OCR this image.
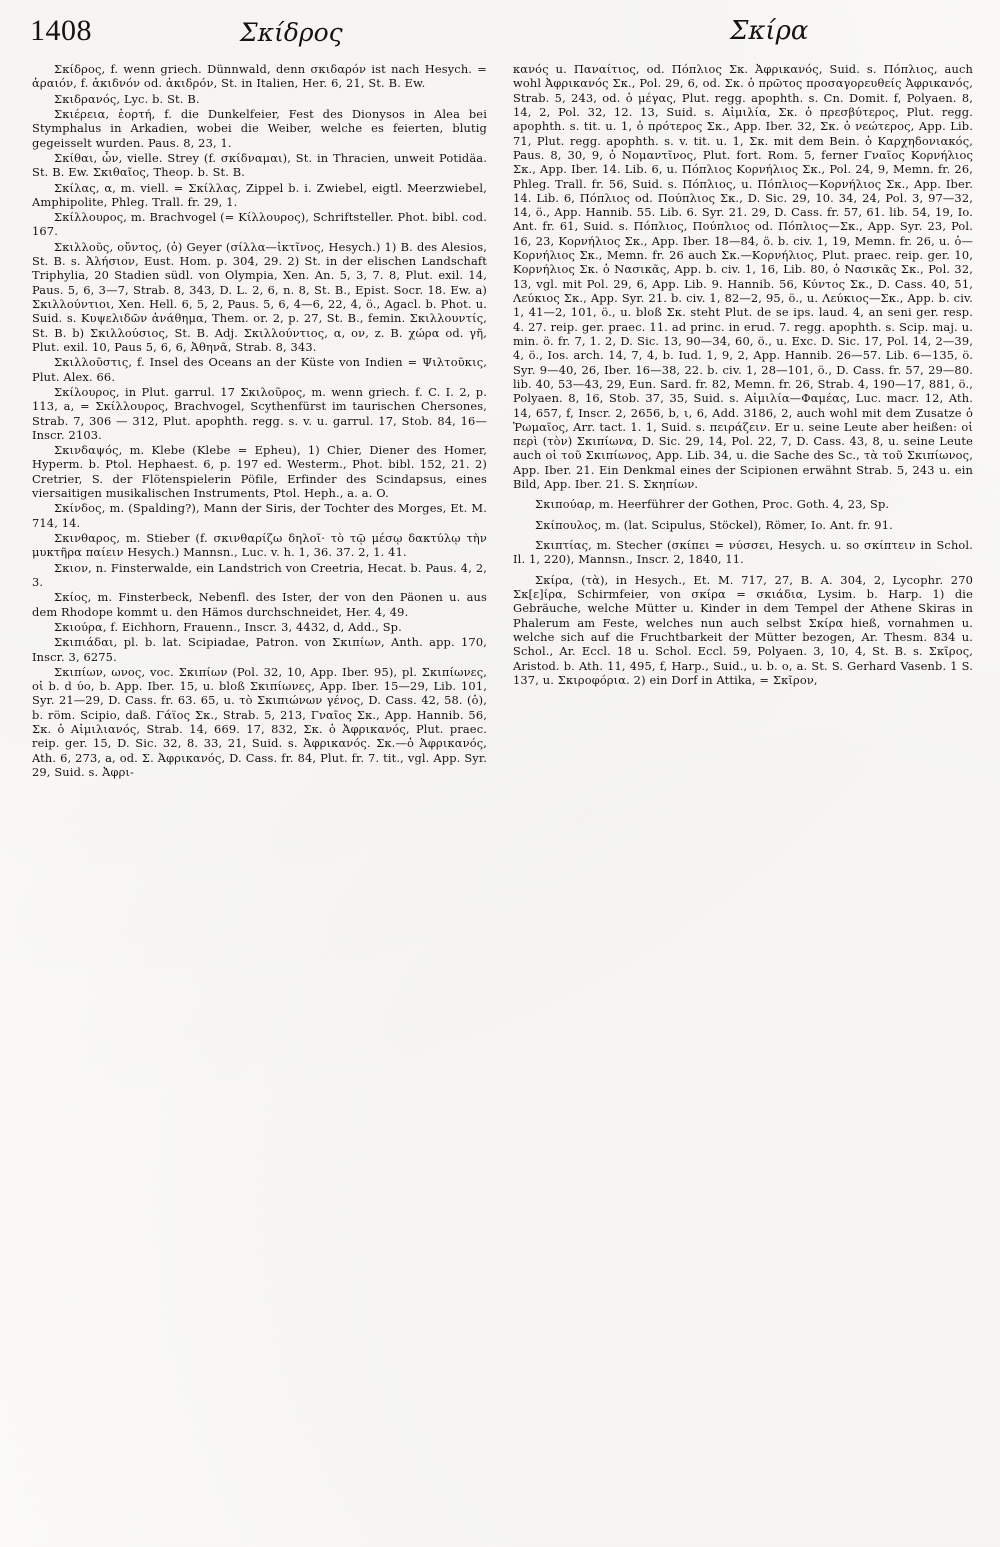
1408	Σκίδρος	Σκίρα

Σκίδρος, f. wenn griech. Dünnwald, denn σκιδαρόν ist nach Hesych. = ἀραιόν, f. ἀκιδνόν od. ἀκιδρόν, St. in Italien, Her. 6, 21, St. B. Ew.

Σκιδρανός, Lyc. b. St. B.

Σκιέρεια, ἑορτή, f. die Dunkelfeier, Fest des Dionysos in Alea bei Stymphalus in Arkadien, wobei die Weiber, welche es feierten, blutig gegeisselt wurden. Paus. 8, 23, 1.

Σκίθαι, ὦν, vielle. Strey (f. σκίδναμαι), St. in Thracien, unweit Potidäa. St. B. Ew. Σκιθαῖος, Theop. b. St. B.

Σκίλας, α, m. viell. = Σκίλλας, Zippel b. i. Zwiebel, eigtl. Meerzwiebel, Amphipolite, Phleg. Trall. fr. 29, 1.

Σκίλλουρος, m. Brachvogel (= Κίλλουρος), Schriftsteller. Phot. bibl. cod. 167.

Σκιλλοῦς, οὔντος, (ὁ) Geyer (σίλλα—ἰκτῖνος, Hesych.) 1) B. des Alesios, St. B. s. Ἀλήσιον, Eust. Hom. p. 304, 29. 2) St. in der elischen Landschaft Triphylia, 20 Stadien südl. von Olympia, Xen. An. 5, 3, 7. 8, Plut. exil. 14, Paus. 5, 6, 3—7, Strab. 8, 343, D. L. 2, 6, n. 8, St. B., Epist. Socr. 18. Ew. a) Σκιλλούντιοι, Xen. Hell. 6, 5, 2, Paus. 5, 6, 4—6, 22, 4, ö., Agacl. b. Phot. u. Suid. s. Κυψελιδῶν ἀνάθημα, Them. or. 2, p. 27, St. B., femin. Σκιλλουντίς, St. B. b) Σκιλλούσιος, St. B. Adj. Σκιλλούντιος, α, ον, z. B. χώρα od. γῆ, Plut. exil. 10, Paus 5, 6, 6, Ἀθηνᾶ, Strab. 8, 343.

Σκιλλοῦστις, f. Insel des Oceans an der Küste von Indien = Ψιλτοῦκις, Plut. Alex. 66.

Σκίλουρος, in Plut. garrul. 17 Σκιλοῦρος, m. wenn griech. f. C. I. 2, p. 113, a, = Σκίλλουρος, Brachvogel, Scythenfürst im taurischen Chersones, Strab. 7, 306 — 312, Plut. apophth. regg. s. v. u. garrul. 17, Stob. 84, 16—Inscr. 2103.

Σκινδαψός, m. Klebe (Klebe = Epheu), 1) Chier, Diener des Homer, Hyperm. b. Ptol. Hephaest. 6, p. 197 ed. Westerm., Phot. bibl. 152, 21. 2) Cretrier, S. der Flötenspielerin Pöfile, Erfinder des Scindapsus, eines viersaitigen musikalischen Instruments, Ptol. Heph., a. a. O.

Σκίνδος, m. (Spalding?), Mann der Siris, der Tochter des Morges, Et. M. 714, 14.

Σκινθαρος, m. Stieber (f. σκινθαρίζω δηλοῖ· τὸ τῷ μέσῳ δακτύλῳ τὴν μυκτῆρα παίειν Hesych.) Mannsn., Luc. v. h. 1, 36. 37. 2, 1. 41.

Σκιον, n. Finsterwalde, ein Landstrich von Creetria, Hecat. b. Paus. 4, 2, 3.

Σκίος, m. Finsterbeck, Nebenfl. des Ister, der von den Päonen u. aus dem Rhodope kommt u. den Hämos durchschneidet, Her. 4, 49.

Σκιούρα, f. Eichhorn, Frauenn., Inscr. 3, 4432, d, Add., Sp.

Σκιπιάδαι, pl. b. lat. Scipiadae, Patron. von Σκιπίων, Anth. app. 170, Inscr. 3, 6275.

Σκιπίων, ωνος, voc. Σκιπίων (Pol. 32, 10, App. Iber. 95), pl. Σκιπίωνες, οἱ b. d ύο, b. App. Iber. 15, u. bloß Σκιπίωνες, App. Iber. 15—29, Lib. 101, Syr. 21—29, D. Cass. fr. 63. 65, u. τὸ Σκιπιώνων γένος, D. Cass. 42, 58. (ὁ), b. röm. Scipio, daß. Γάϊος Σκ., Strab. 5, 213, Γναῖος Σκ., App. Hannib. 56, Σκ. ὁ Αἰμιλιανός, Strab. 14, 669. 17, 832, Σκ. ὁ Ἀφρικανός, Plut. praec. reip. ger. 15, D. Sic. 32, 8. 33, 21, Suid. s. Ἀφρικανός. Σκ.—ὁ Ἀφρικανός, Ath. 6, 273, a, od. Σ. Ἀφρικανός, D. Cass. fr. 84, Plut. fr. 7. tit., vgl. App. Syr. 29, Suid. s. Ἀφρι-

κανός u. Παναίτιος, od. Πόπλιος Σκ. Ἀφρικανός, Suid. s. Πόπλιος, auch wohl Ἀφρικανός Σκ., Pol. 29, 6, od. Σκ. ὁ πρῶτος προσαγορευθείς Ἀφρικανός, Strab. 5, 243, od. ὁ μέγας, Plut. regg. apophth. s. Cn. Domit. f, Polyaen. 8, 14, 2, Pol. 32, 12. 13, Suid. s. Αἰμιλία, Σκ. ὁ πρεσβύτερος, Plut. regg. apophth. s. tit. u. 1, ὁ πρότερος Σκ., App. Iber. 32, Σκ. ὁ νεώτερος, App. Lib. 71, Plut. regg. apophth. s. v. tit. u. 1, Σκ. mit dem Bein. ὁ Καρχηδονιακός, Paus. 8, 30, 9, ὁ Νομαντῖνος, Plut. fort. Rom. 5, ferner Γναῖος Κορνήλιος Σκ., App. Iber. 14. Lib. 6, u. Πόπλιος Κορνήλιος Σκ., Pol. 24, 9, Memn. fr. 26, Phleg. Trall. fr. 56, Suid. s. Πόπλιος, u. Πόπλιος—Κορνήλιος Σκ., App. Iber. 14. Lib. 6, Πόπλιος od. Πούπλιος Σκ., D. Sic. 29, 10. 34, 24, Pol. 3, 97—32, 14, ö., App. Hannib. 55. Lib. 6. Syr. 21. 29, D. Cass. fr. 57, 61. lib. 54, 19, Io. Ant. fr. 61, Suid. s. Πόπλιος, Πούπλιος od. Πόπλιος—Σκ., App. Syr. 23, Pol. 16, 23, Κορνήλιος Σκ., App. Iber. 18—84, ö. b. civ. 1, 19, Memn. fr. 26, u. ὁ—Κορνήλιος Σκ., Memn. fr. 26 auch Σκ.—Κορνήλιος, Plut. praec. reip. ger. 10, Κορνήλιος Σκ. ὁ Νασικᾶς, App. b. civ. 1, 16, Lib. 80, ὁ Νασικᾶς Σκ., Pol. 32, 13, vgl. mit Pol. 29, 6, App. Lib. 9. Hannib. 56, Κύντος Σκ., D. Cass. 40, 51, Λεύκιος Σκ., App. Syr. 21. b. civ. 1, 82—2, 95, ö., u. Λεύκιος—Σκ., App. b. civ. 1, 41—2, 101, ö., u. bloß Σκ. steht Plut. de se ips. laud. 4, an seni ger. resp. 4. 27. reip. ger. praec. 11. ad princ. in erud. 7. regg. apophth. s. Scip. maj. u. min. ö. fr. 7, 1. 2, D. Sic. 13, 90—34, 60, ö., u. Exc. D. Sic. 17, Pol. 14, 2—39, 4, ö., Ios. arch. 14, 7, 4, b. Iud. 1, 9, 2, App. Hannib. 26—57. Lib. 6—135, ö. Syr. 9—40, 26, Iber. 16—38, 22. b. civ. 1, 28—101, ö., D. Cass. fr. 57, 29—80. lib. 40, 53—43, 29, Eun. Sard. fr. 82, Memn. fr. 26, Strab. 4, 190—17, 881, ö., Polyaen. 8, 16, Stob. 37, 35, Suid. s. Αἰμιλία—Φαμέας, Luc. macr. 12, Ath. 14, 657, f, Inscr. 2, 2656, b, ι, 6, Add. 3186, 2, auch wohl mit dem Zusatze ὁ Ῥωμαῖος, Arr. tact. 1. 1, Suid. s. πειράζειν. Er u. seine Leute aber heißen: οἱ περὶ (τὸν) Σκιπίωνα, D. Sic. 29, 14, Pol. 22, 7, D. Cass. 43, 8, u. seine Leute auch οἱ τοῦ Σκιπίωνος, App. Lib. 34, u. die Sache des Sc., τὰ τοῦ Σκιπίωνος, App. Iber. 21. Ein Denkmal eines der Scipionen erwähnt Strab. 5, 243 u. ein Bild, App. Iber. 21. S. Σκηπίων.

Σκιπούαρ, m. Heerführer der Gothen, Proc. Goth. 4, 23, Sp.

Σκίπουλος, m. (lat. Scipulus, Stöckel), Römer, Io. Ant. fr. 91.

Σκιπτίας, m. Stecher (σκίπει = νύσσει, Hesych. u. so σκίπτειν in Schol. Il. 1, 220), Mannsn., Inscr. 2, 1840, 11.

Σκίρα, (τὰ), in Hesych., Et. M. 717, 27, B. A. 304, 2, Lycophr. 270 Σκ[ε]ίρα, Schirmfeier, von σκίρα = σκιάδια, Lysim. b. Harp. 1) die Gebräuche, welche Mütter u. Kinder in dem Tempel der Athene Skiras in Phalerum am Feste, welches nun auch selbst Σκίρα hieß, vornahmen u. welche sich auf die Fruchtbarkeit der Mütter bezogen, Ar. Thesm. 834 u. Schol., Ar. Eccl. 18 u. Schol. Eccl. 59, Polyaen. 3, 10, 4, St. B. s. Σκῖρος, Aristod. b. Ath. 11, 495, f, Harp., Suid., u. b. ο, a. St. S. Gerhard Vasenb. 1 S. 137, u. Σκιροφόρια. 2) ein Dorf in Attika, = Σκῖρον,
